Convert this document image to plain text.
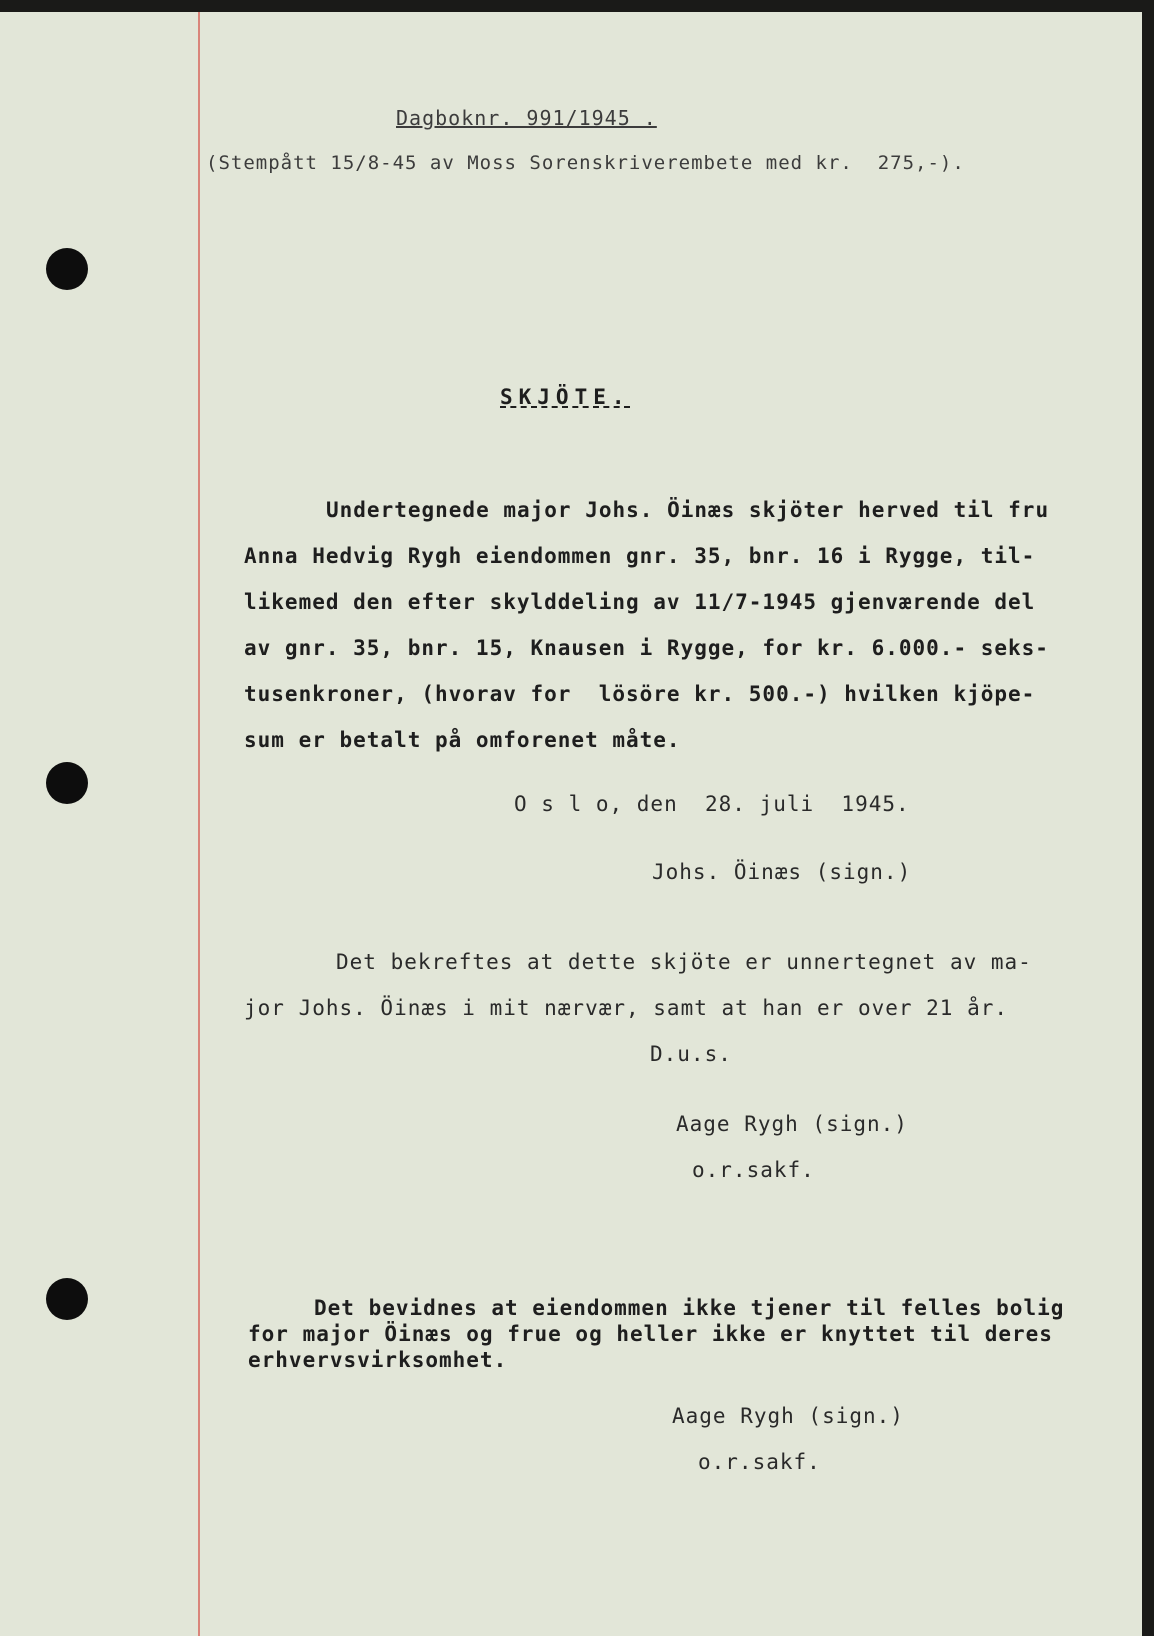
Dagboknr. 991/1945 .
(Stempått 15/8-45 av Moss Sorenskriverembete med kr.  275,-).
SKJÖTE.
Undertegnede major Johs. Öinæs skjöter herved til fru
Anna Hedvig Rygh eiendommen gnr. 35, bnr. 16 i Rygge, til-
likemed den efter skylddeling av 11/7-1945 gjenværende del
av gnr. 35, bnr. 15, Knausen i Rygge, for kr. 6.000.- seks-
tusenkroner, (hvorav for  lösöre kr. 500.-) hvilken kjöpe-
sum er betalt på omforenet måte.
O s l o, den  28. juli  1945.
Johs. Öinæs (sign.)
Det bekreftes at dette skjöte er unnertegnet av ma-
jor Johs. Öinæs i mit nærvær, samt at han er over 21 år.
D.u.s.
Aage Rygh (sign.)
o.r.sakf.
Det bevidnes at eiendommen ikke tjener til felles bolig
for major Öinæs og frue og heller ikke er knyttet til deres
erhvervsvirksomhet.
Aage Rygh (sign.)
o.r.sakf.
